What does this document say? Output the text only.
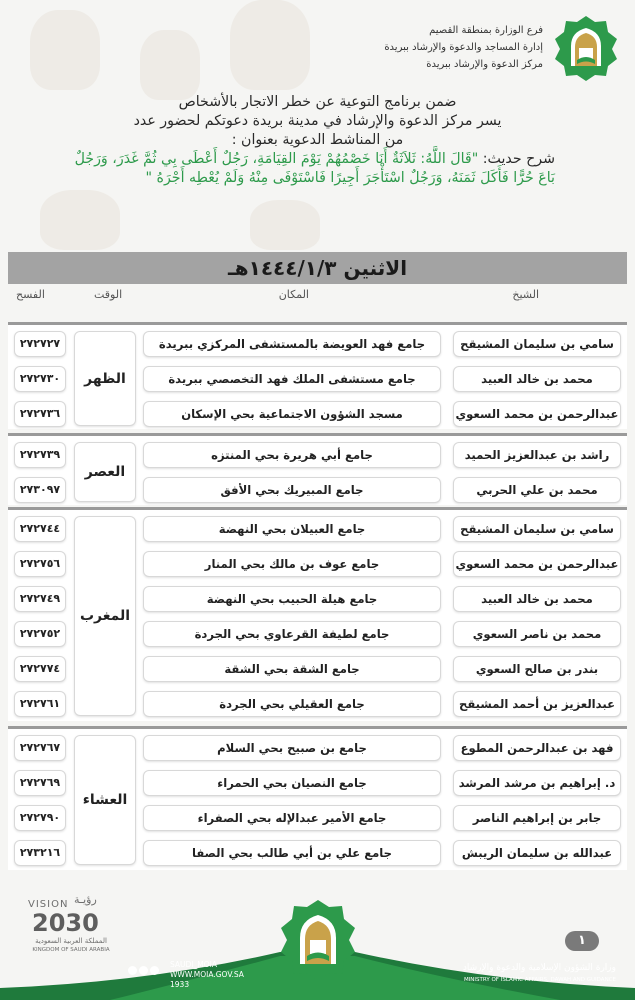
فرع الوزارة بمنطقة القصيم
إدارة المساجد والدعوة والإرشاد ببريدة
مركز الدعوة والإرشاد ببريدة
ضمن برنامج التوعية عن خطر الاتجار بالأشخاص
يسر مركز الدعوة والإرشاد في مدينة بريدة دعوتكم لحضور عدد
من المناشط الدعوية بعنوان :
شرح حديث: "قَالَ اللَّهُ: ثَلاَثَةٌ أَنَا خَصْمُهُمْ يَوْمَ القِيَامَةِ، رَجُلٌ أَعْطَى بِي ثُمَّ غَدَرَ، وَرَجُلٌ بَاعَ حُرًّا فَأَكَلَ ثَمَنَهُ، وَرَجُلٌ اسْتَأْجَرَ أَجِيرًا فَاسْتَوْفَى مِنْهُ وَلَمْ يُعْطِه أَجْرَهُ "
الاثنين ١٤٤٤/١/٣هـ
الشيخ
المكان
الوقت
الفسح
الظهر
سامي بن سليمان المشيقح
جامع فهد العويضة بالمستشفى المركزي ببريدة
٢٧٢٧٢٧
محمد بن خالد العبيد
جامع مستشفى الملك فهد التخصصي ببريدة
٢٧٢٧٣٠
عبدالرحمن بن محمد السعوي
مسجد الشؤون الاجتماعية بحي الإسكان
٢٧٢٧٣٦
العصر
راشد بن عبدالعزيز الحميد
جامع أبي هريرة بحي المنتزه
٢٧٢٧٣٩
محمد بن علي الحربي
جامع المبيريك بحي الأفق
٢٧٣٠٩٧
المغرب
سامي بن سليمان المشيقح
جامع العبيلان بحي النهضة
٢٧٢٧٤٤
عبدالرحمن بن محمد السعوي
جامع عوف بن مالك بحي المنار
٢٧٢٧٥٦
محمد بن خالد العبيد
جامع هيلة الحبيب بحي النهضة
٢٧٢٧٤٩
محمد بن ناصر السعوي
جامع لطيفة القرعاوي بحي الجردة
٢٧٢٧٥٢
بندر بن صالح السعوي
جامع الشقة بحي الشقة
٢٧٢٧٧٤
عبدالعزيز بن أحمد المشيقح
جامع العقيلي بحي الجردة
٢٧٢٧٦١
العشاء
فهد بن عبدالرحمن المطوع
جامع بن صبيح بحي السلام
٢٧٢٧٦٧
د. إبراهيم بن مرشد المرشد
جامع النصيان بحي الحمراء
٢٧٢٧٦٩
جابر بن إبراهيم الناصر
جامع الأمير عبدالإله بحي الصفراء
٢٧٢٧٩٠
عبدالله بن سليمان الريبش
جامع علي بن أبي طالب بحي الصفا
٢٧٣٢١٦
VISION رؤيـة
2030
المملكة العربية السعودية
KINGDOM OF SAUDI ARABIA
١
SAUDI_MOIA
WWW.MOIA.GOV.SA
1933
وزارة الشؤون الإسلامية والدعوة والإرشاد
MINISTRY OF ISLAMIC AFFAIRS, DAWAH AND GUIDANCE
